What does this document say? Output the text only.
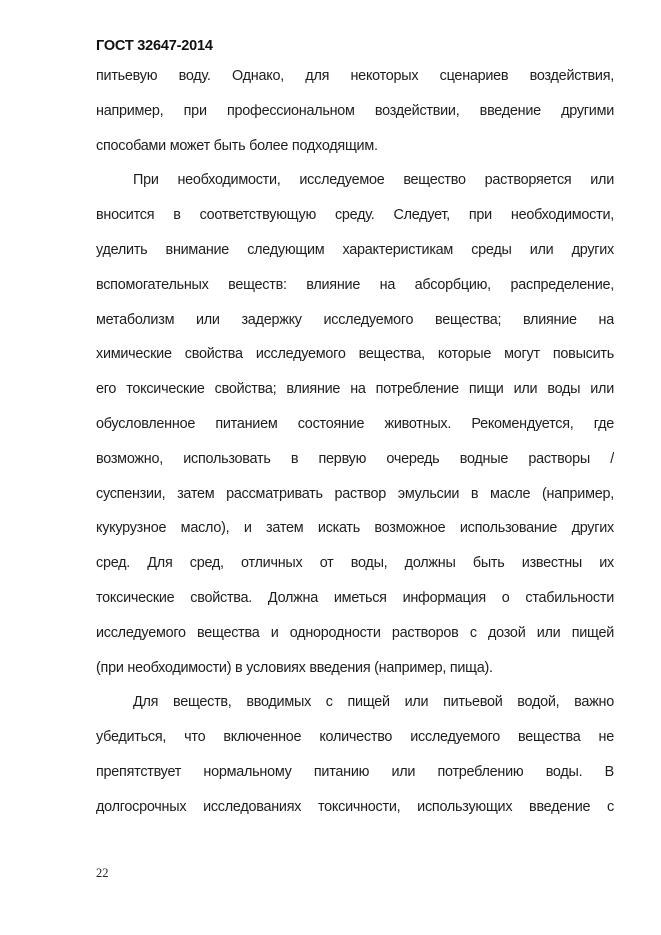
ГОСТ 32647-2014
питьевую воду. Однако, для некоторых сценариев воздействия,
например, при профессиональном воздействии, введение другими
способами может быть более подходящим.
При необходимости, исследуемое вещество растворяется или
вносится в соответствующую среду. Следует, при необходимости,
уделить внимание следующим характеристикам среды или других
вспомогательных веществ: влияние на абсорбцию, распределение,
метаболизм или задержку исследуемого вещества; влияние на
химические свойства исследуемого вещества, которые могут повысить
его токсические свойства; влияние на потребление пищи или воды или
обусловленное питанием состояние животных. Рекомендуется, где
возможно, использовать в первую очередь водные растворы /
суспензии, затем рассматривать раствор эмульсии в масле (например,
кукурузное масло), и затем искать возможное использование других
сред. Для сред, отличных от воды, должны быть известны их
токсические свойства. Должна иметься информация о стабильности
исследуемого вещества и однородности растворов с дозой или пищей
(при необходимости) в условиях введения (например, пища).
Для веществ, вводимых с пищей или питьевой водой, важно
убедиться, что включенное количество исследуемого вещества не
препятствует нормальному питанию или потреблению воды. В
долгосрочных исследованиях токсичности, использующих введение с
22
